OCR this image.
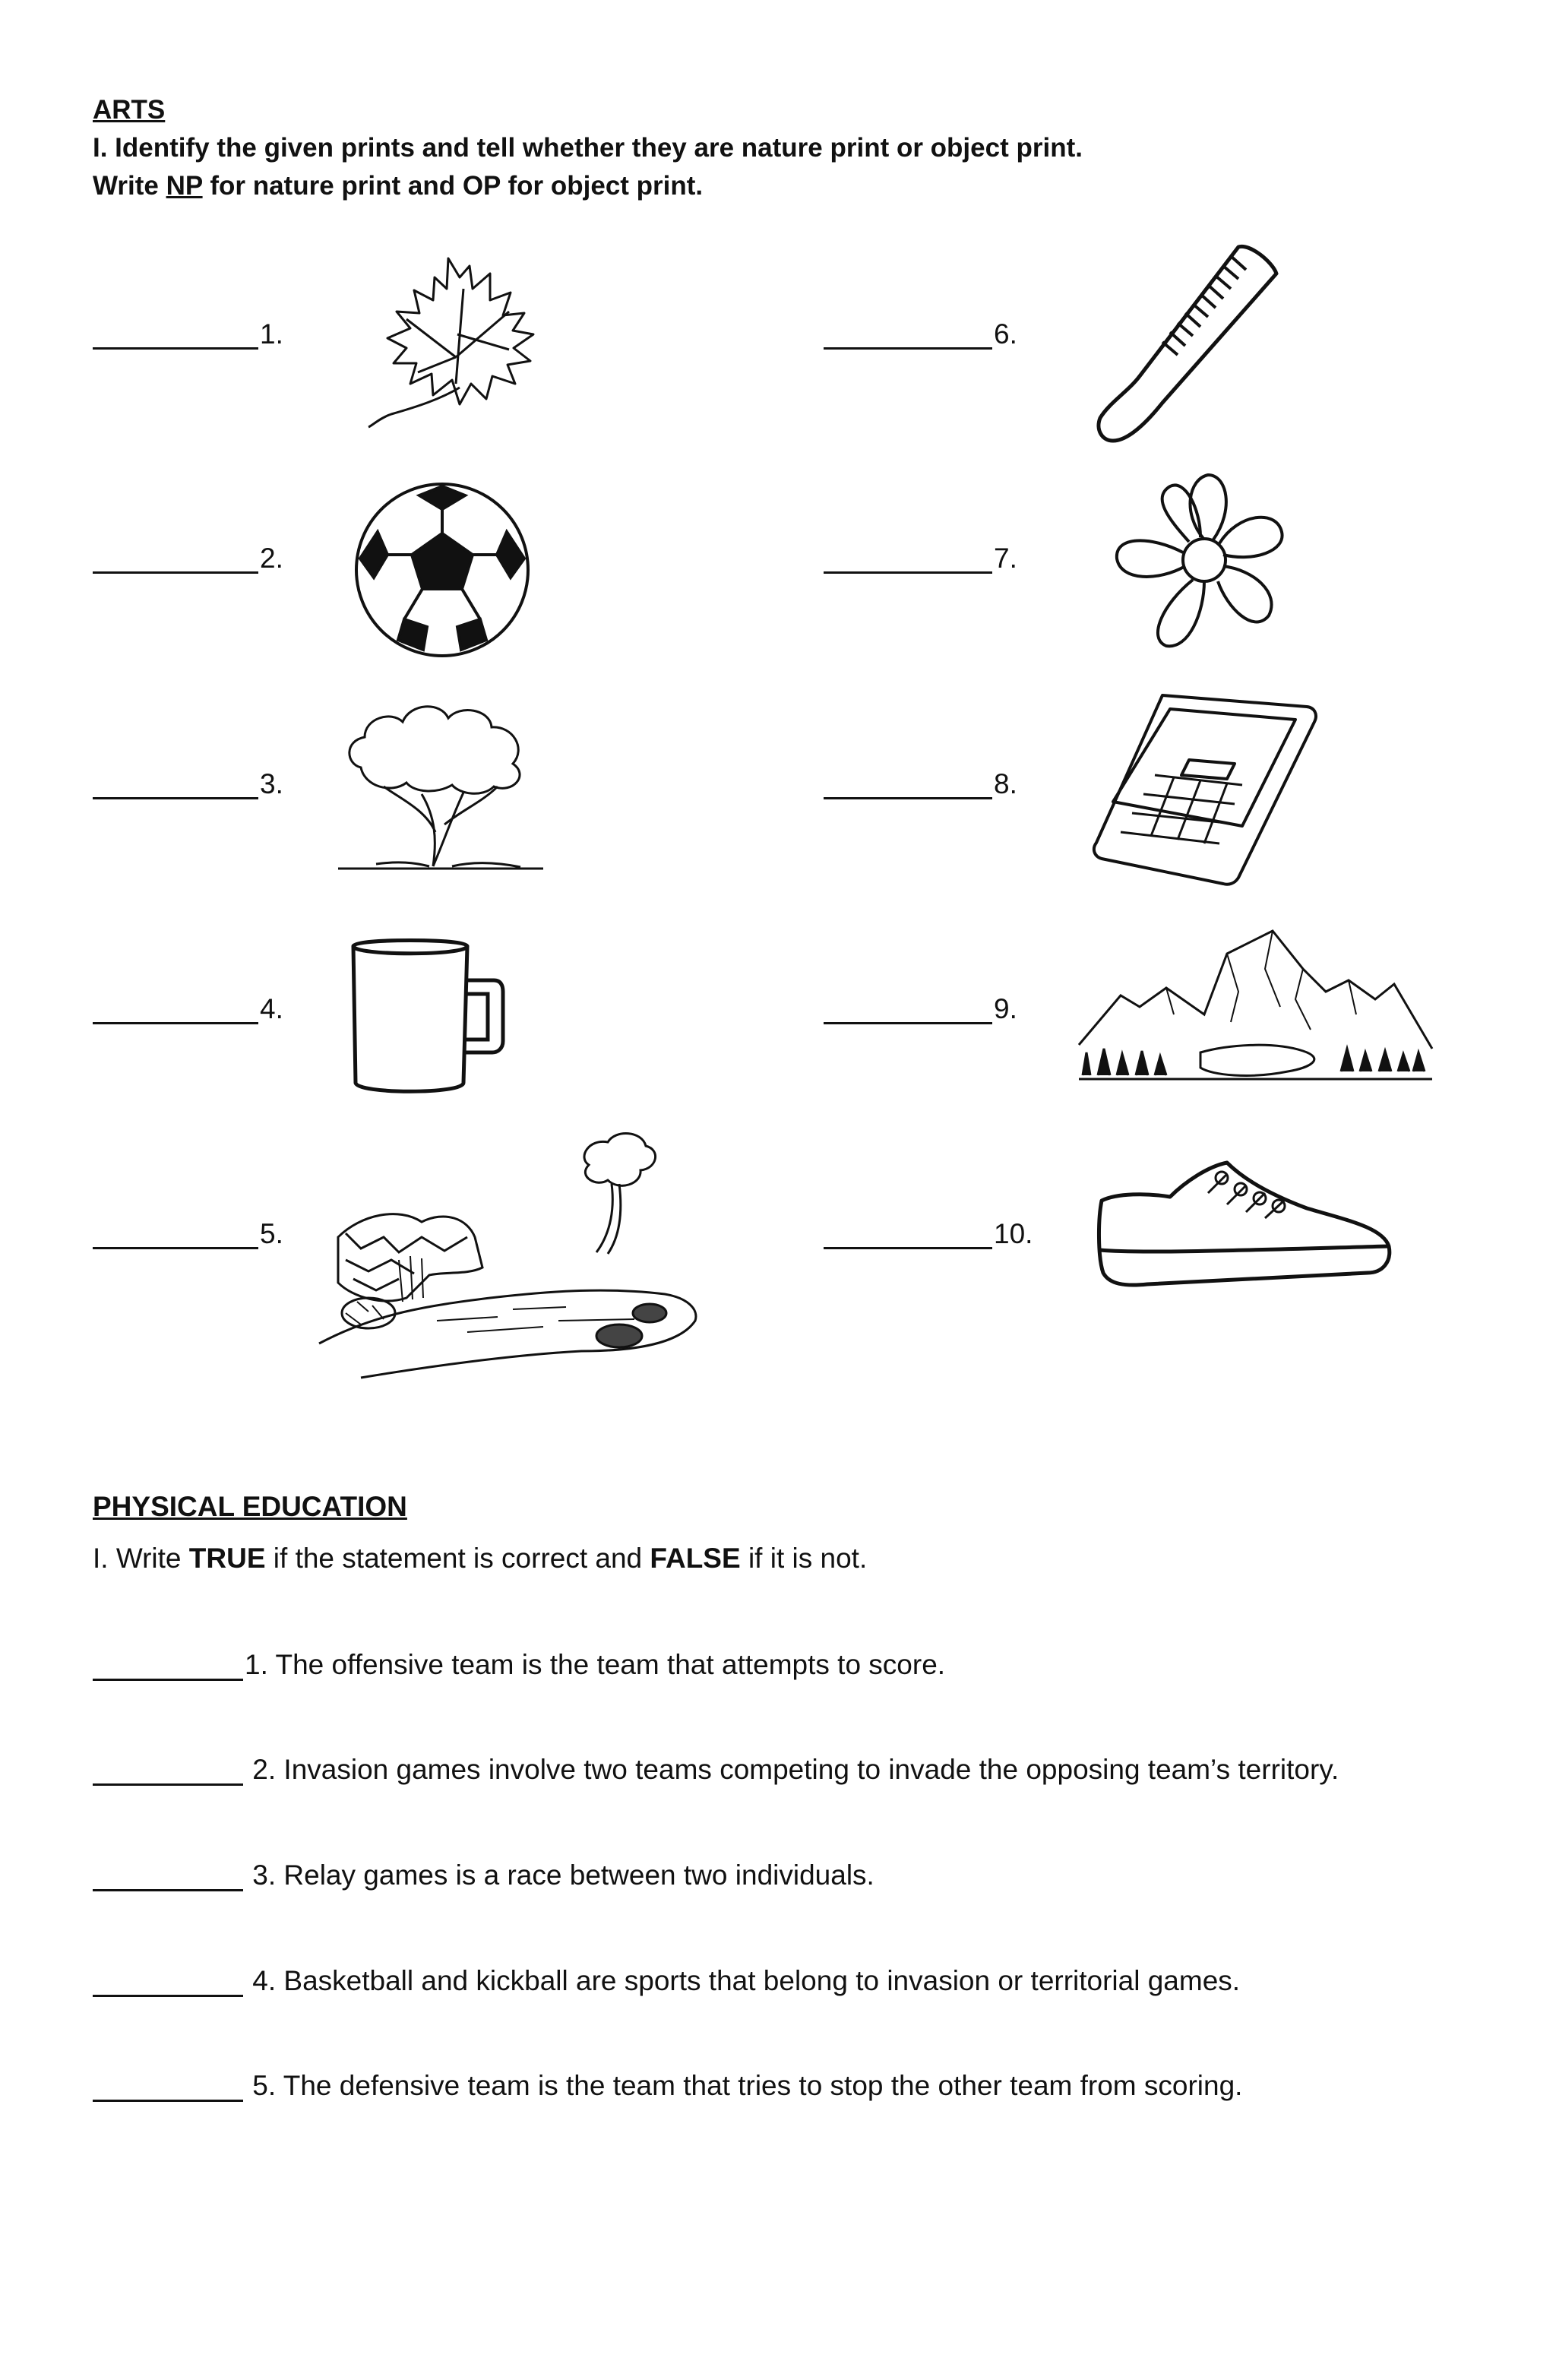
ARTS
I. Identify the given prints and tell whether they are nature print or object print.
Write NP for nature print and OP for object print.
1.
2.
3.
4.
5.
6.
7.
8.
9.
10.
PHYSICAL EDUCATION
I. Write TRUE if the statement is correct and FALSE if it is not.
1. The offensive team is the team that attempts to score.
2. Invasion games involve two teams competing to invade the opposing team’s territory.
3. Relay games is a race between two individuals.
4. Basketball and kickball are sports that belong to invasion or territorial games.
5. The defensive team is the team that tries to stop the other team from scoring.
